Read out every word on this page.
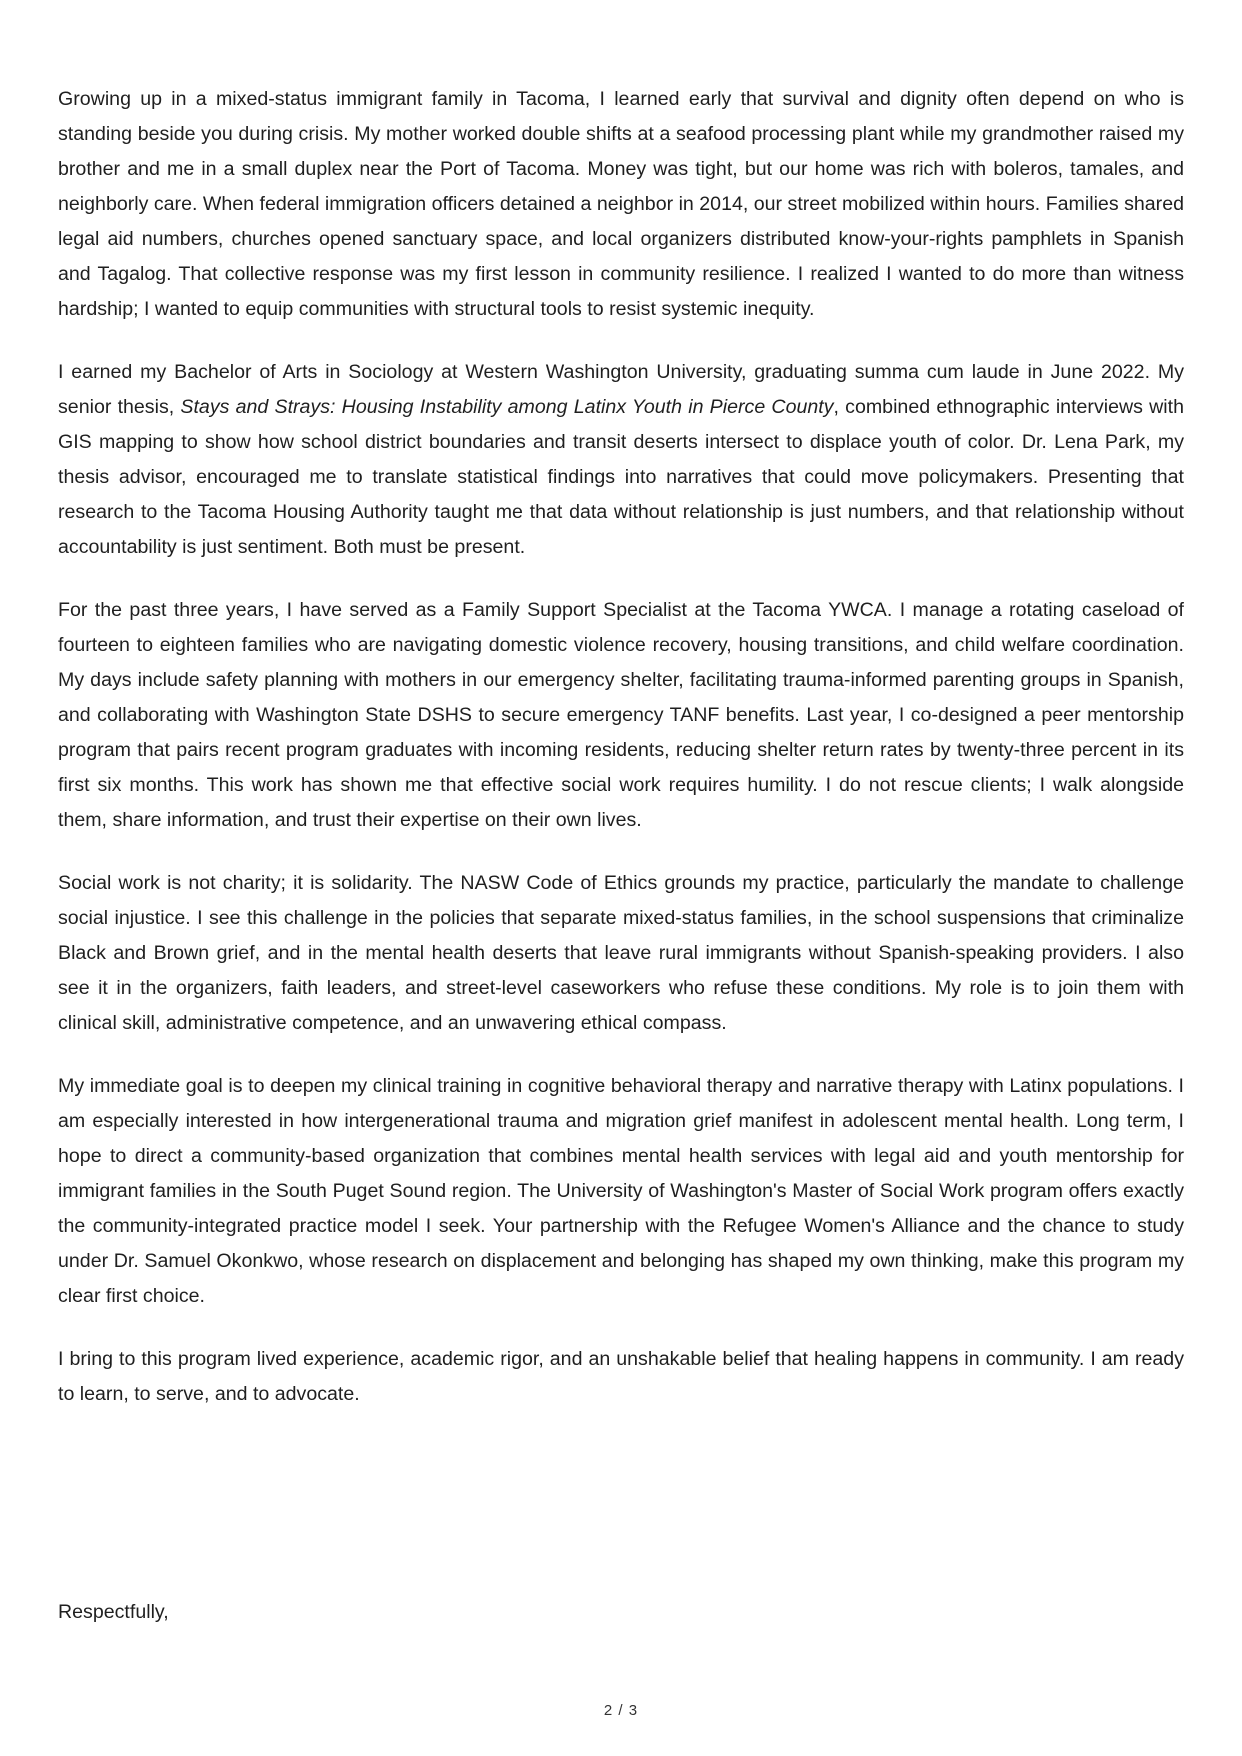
Growing up in a mixed-status immigrant family in Tacoma, I learned early that survival and dignity often depend on who is standing beside you during crisis. My mother worked double shifts at a seafood processing plant while my grandmother raised my brother and me in a small duplex near the Port of Tacoma. Money was tight, but our home was rich with boleros, tamales, and neighborly care. When federal immigration officers detained a neighbor in 2014, our street mobilized within hours. Families shared legal aid numbers, churches opened sanctuary space, and local organizers distributed know-your-rights pamphlets in Spanish and Tagalog. That collective response was my first lesson in community resilience. I realized I wanted to do more than witness hardship; I wanted to equip communities with structural tools to resist systemic inequity.

I earned my Bachelor of Arts in Sociology at Western Washington University, graduating summa cum laude in June 2022. My senior thesis, Stays and Strays: Housing Instability among Latinx Youth in Pierce County, combined ethnographic interviews with GIS mapping to show how school district boundaries and transit deserts intersect to displace youth of color. Dr. Lena Park, my thesis advisor, encouraged me to translate statistical findings into narratives that could move policymakers. Presenting that research to the Tacoma Housing Authority taught me that data without relationship is just numbers, and that relationship without accountability is just sentiment. Both must be present.

For the past three years, I have served as a Family Support Specialist at the Tacoma YWCA. I manage a rotating caseload of fourteen to eighteen families who are navigating domestic violence recovery, housing transitions, and child welfare coordination. My days include safety planning with mothers in our emergency shelter, facilitating trauma-informed parenting groups in Spanish, and collaborating with Washington State DSHS to secure emergency TANF benefits. Last year, I co-designed a peer mentorship program that pairs recent program graduates with incoming residents, reducing shelter return rates by twenty-three percent in its first six months. This work has shown me that effective social work requires humility. I do not rescue clients; I walk alongside them, share information, and trust their expertise on their own lives.

Social work is not charity; it is solidarity. The NASW Code of Ethics grounds my practice, particularly the mandate to challenge social injustice. I see this challenge in the policies that separate mixed-status families, in the school suspensions that criminalize Black and Brown grief, and in the mental health deserts that leave rural immigrants without Spanish-speaking providers. I also see it in the organizers, faith leaders, and street-level caseworkers who refuse these conditions. My role is to join them with clinical skill, administrative competence, and an unwavering ethical compass.

My immediate goal is to deepen my clinical training in cognitive behavioral therapy and narrative therapy with Latinx populations. I am especially interested in how intergenerational trauma and migration grief manifest in adolescent mental health. Long term, I hope to direct a community-based organization that combines mental health services with legal aid and youth mentorship for immigrant families in the South Puget Sound region. The University of Washington's Master of Social Work program offers exactly the community-integrated practice model I seek. Your partnership with the Refugee Women's Alliance and the chance to study under Dr. Samuel Okonkwo, whose research on displacement and belonging has shaped my own thinking, make this program my clear first choice.

I bring to this program lived experience, academic rigor, and an unshakable belief that healing happens in community. I am ready to learn, to serve, and to advocate.

Respectfully,

2 / 3
